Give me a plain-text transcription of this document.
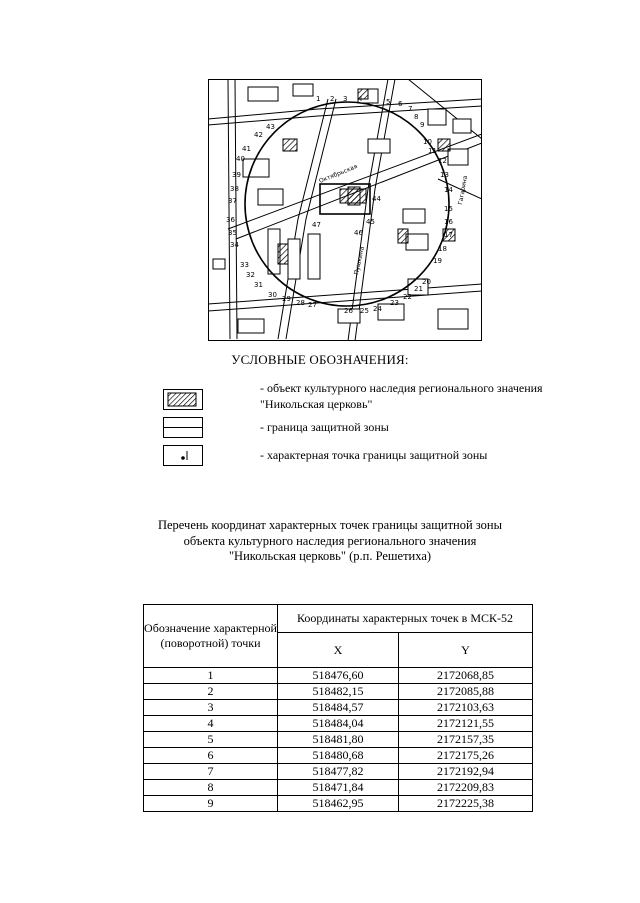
1 2 3 4	5 6
7
8
9
10
11
12
13
14
15
16
17
18
19
20
21
22
23
24
25
26
27
28
29
30
31
32
33
34
35
36
37
38
39
40
41
42
43
44
45
46
47
Октябрьская
Пушкина
Гагарина
УСЛОВНЫЕ ОБОЗНАЧЕНИЯ:
- объект культурного наследия регионального значения "Никольская церковь"
- граница защитной зоны
- характерная точка границы защитной зоны
Перечень координат характерных точек границы защитной зоны
объекта культурного наследия регионального значения
"Никольская церковь" (р.п. Решетиха)
Обозначение характерной (поворотной) точки	Координаты характерных точек в МСК-52	
	X	Y
1	518476,60	2172068,85
2	518482,15	2172085,88
3	518484,57	2172103,63
4	518484,04	2172121,55
5	518481,80	2172157,35
6	518480,68	2172175,26
7	518477,82	2172192,94
8	518471,84	2172209,83
9	518462,95	2172225,38
